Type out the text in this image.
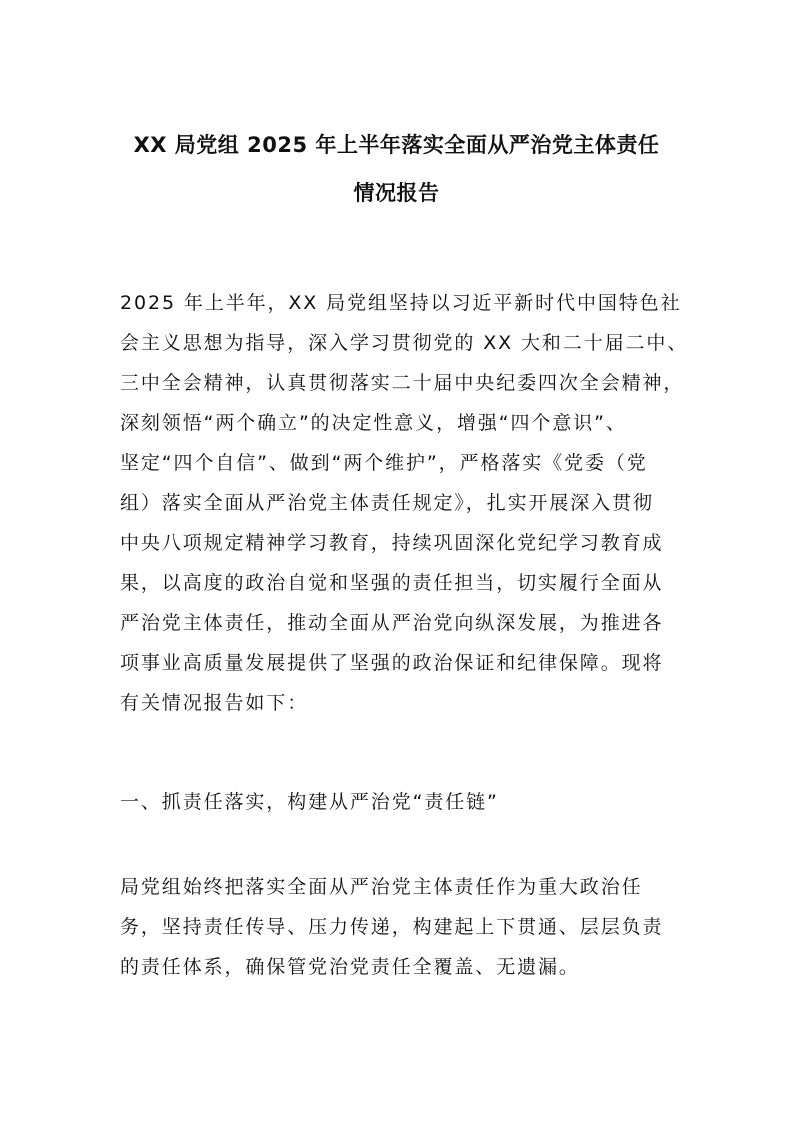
XX 局党组 2025 年上半年落实全面从严治党主体责任
情况报告
2025 年上半年，XX 局党组坚持以习近平新时代中国特色社
会主义思想为指导，深入学习贯彻党的 XX 大和二十届二中、
三中全会精神，认真贯彻落实二十届中央纪委四次全会精神，
深刻领悟“两个确立”的决定性意义，增强“四个意识”、
坚定“四个自信”、做到“两个维护”，严格落实《党委（党
组）落实全面从严治党主体责任规定》，扎实开展深入贯彻
中央八项规定精神学习教育，持续巩固深化党纪学习教育成
果，以高度的政治自觉和坚强的责任担当，切实履行全面从
严治党主体责任，推动全面从严治党向纵深发展，为推进各
项事业高质量发展提供了坚强的政治保证和纪律保障。现将
有关情况报告如下：
一、抓责任落实，构建从严治党“责任链”
局党组始终把落实全面从严治党主体责任作为重大政治任
务，坚持责任传导、压力传递，构建起上下贯通、层层负责
的责任体系，确保管党治党责任全覆盖、无遗漏。
